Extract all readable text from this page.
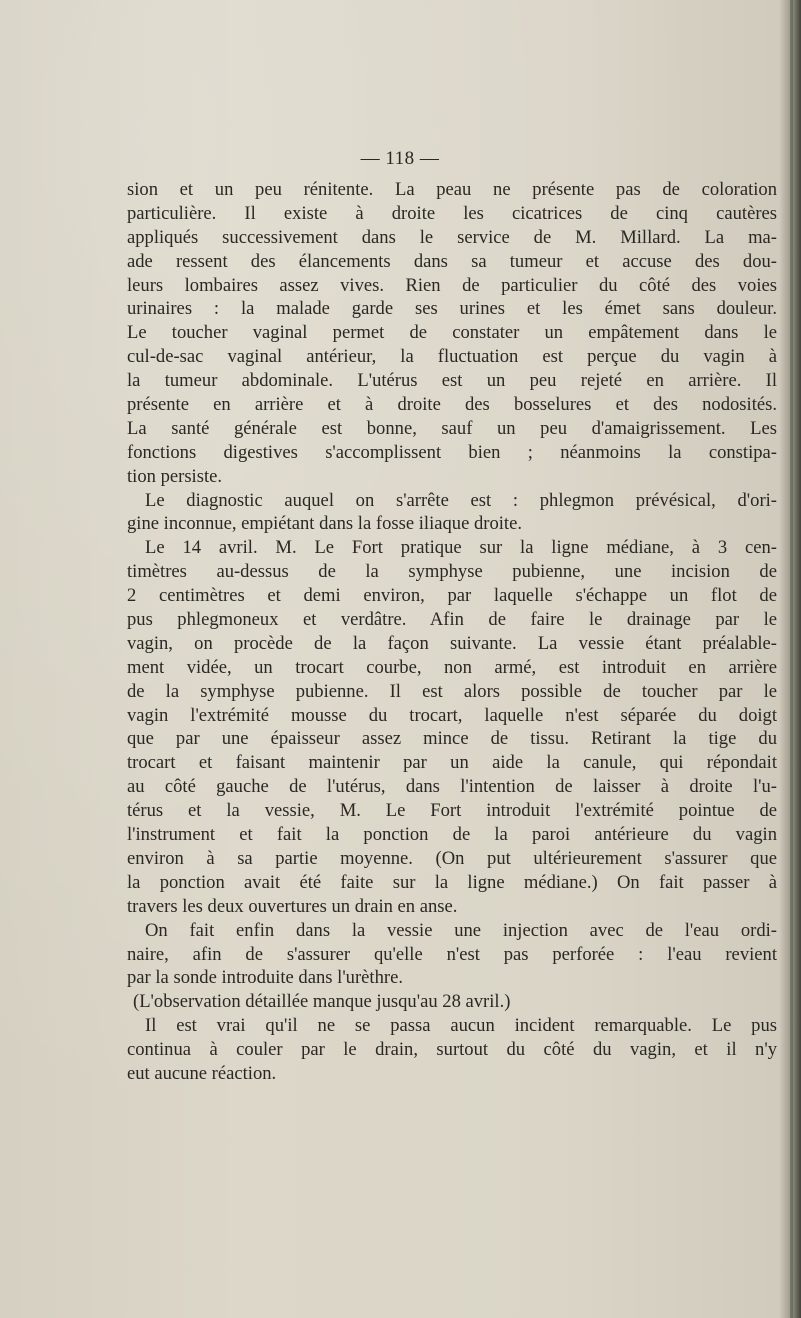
— 118 —
sion et un peu rénitente. La peau ne présente pas de coloration
particulière. Il existe à droite les cicatrices de cinq cautères
appliqués successivement dans le service de M. Millard. La ma-
ade ressent des élancements dans sa tumeur et accuse des dou-
leurs lombaires assez vives. Rien de particulier du côté des voies
urinaires : la malade garde ses urines et les émet sans douleur.
Le toucher vaginal permet de constater un empâtement dans le
cul-de-sac vaginal antérieur, la fluctuation est perçue du vagin à
la tumeur abdominale. L'utérus est un peu rejeté en arrière. Il
présente en arrière et à droite des bosselures et des nodosités.
La santé générale est bonne, sauf un peu d'amaigrissement. Les
fonctions digestives s'accomplissent bien ; néanmoins la constipa-
tion persiste.
Le diagnostic auquel on s'arrête est : phlegmon prévésical, d'ori-
gine inconnue, empiétant dans la fosse iliaque droite.
Le 14 avril. M. Le Fort pratique sur la ligne médiane, à 3 cen-
timètres au-dessus de la symphyse pubienne, une incision de
2 centimètres et demi environ, par laquelle s'échappe un flot de
pus phlegmoneux et verdâtre. Afin de faire le drainage par le
vagin, on procède de la façon suivante. La vessie étant préalable-
ment vidée, un trocart courbe, non armé, est introduit en arrière
de la symphyse pubienne. Il est alors possible de toucher par le
vagin l'extrémité mousse du trocart, laquelle n'est séparée du doigt
que par une épaisseur assez mince de tissu. Retirant la tige du
trocart et faisant maintenir par un aide la canule, qui répondait
au côté gauche de l'utérus, dans l'intention de laisser à droite l'u-
térus et la vessie, M. Le Fort introduit l'extrémité pointue de
l'instrument et fait la ponction de la paroi antérieure du vagin
environ à sa partie moyenne. (On put ultérieurement s'assurer que
la ponction avait été faite sur la ligne médiane.) On fait passer à
travers les deux ouvertures un drain en anse.
On fait enfin dans la vessie une injection avec de l'eau ordi-
naire, afin de s'assurer qu'elle n'est pas perforée : l'eau revient
par la sonde introduite dans l'urèthre.
(L'observation détaillée manque jusqu'au 28 avril.)
Il est vrai qu'il ne se passa aucun incident remarquable. Le pus
continua à couler par le drain, surtout du côté du vagin, et il n'y
eut aucune réaction.
